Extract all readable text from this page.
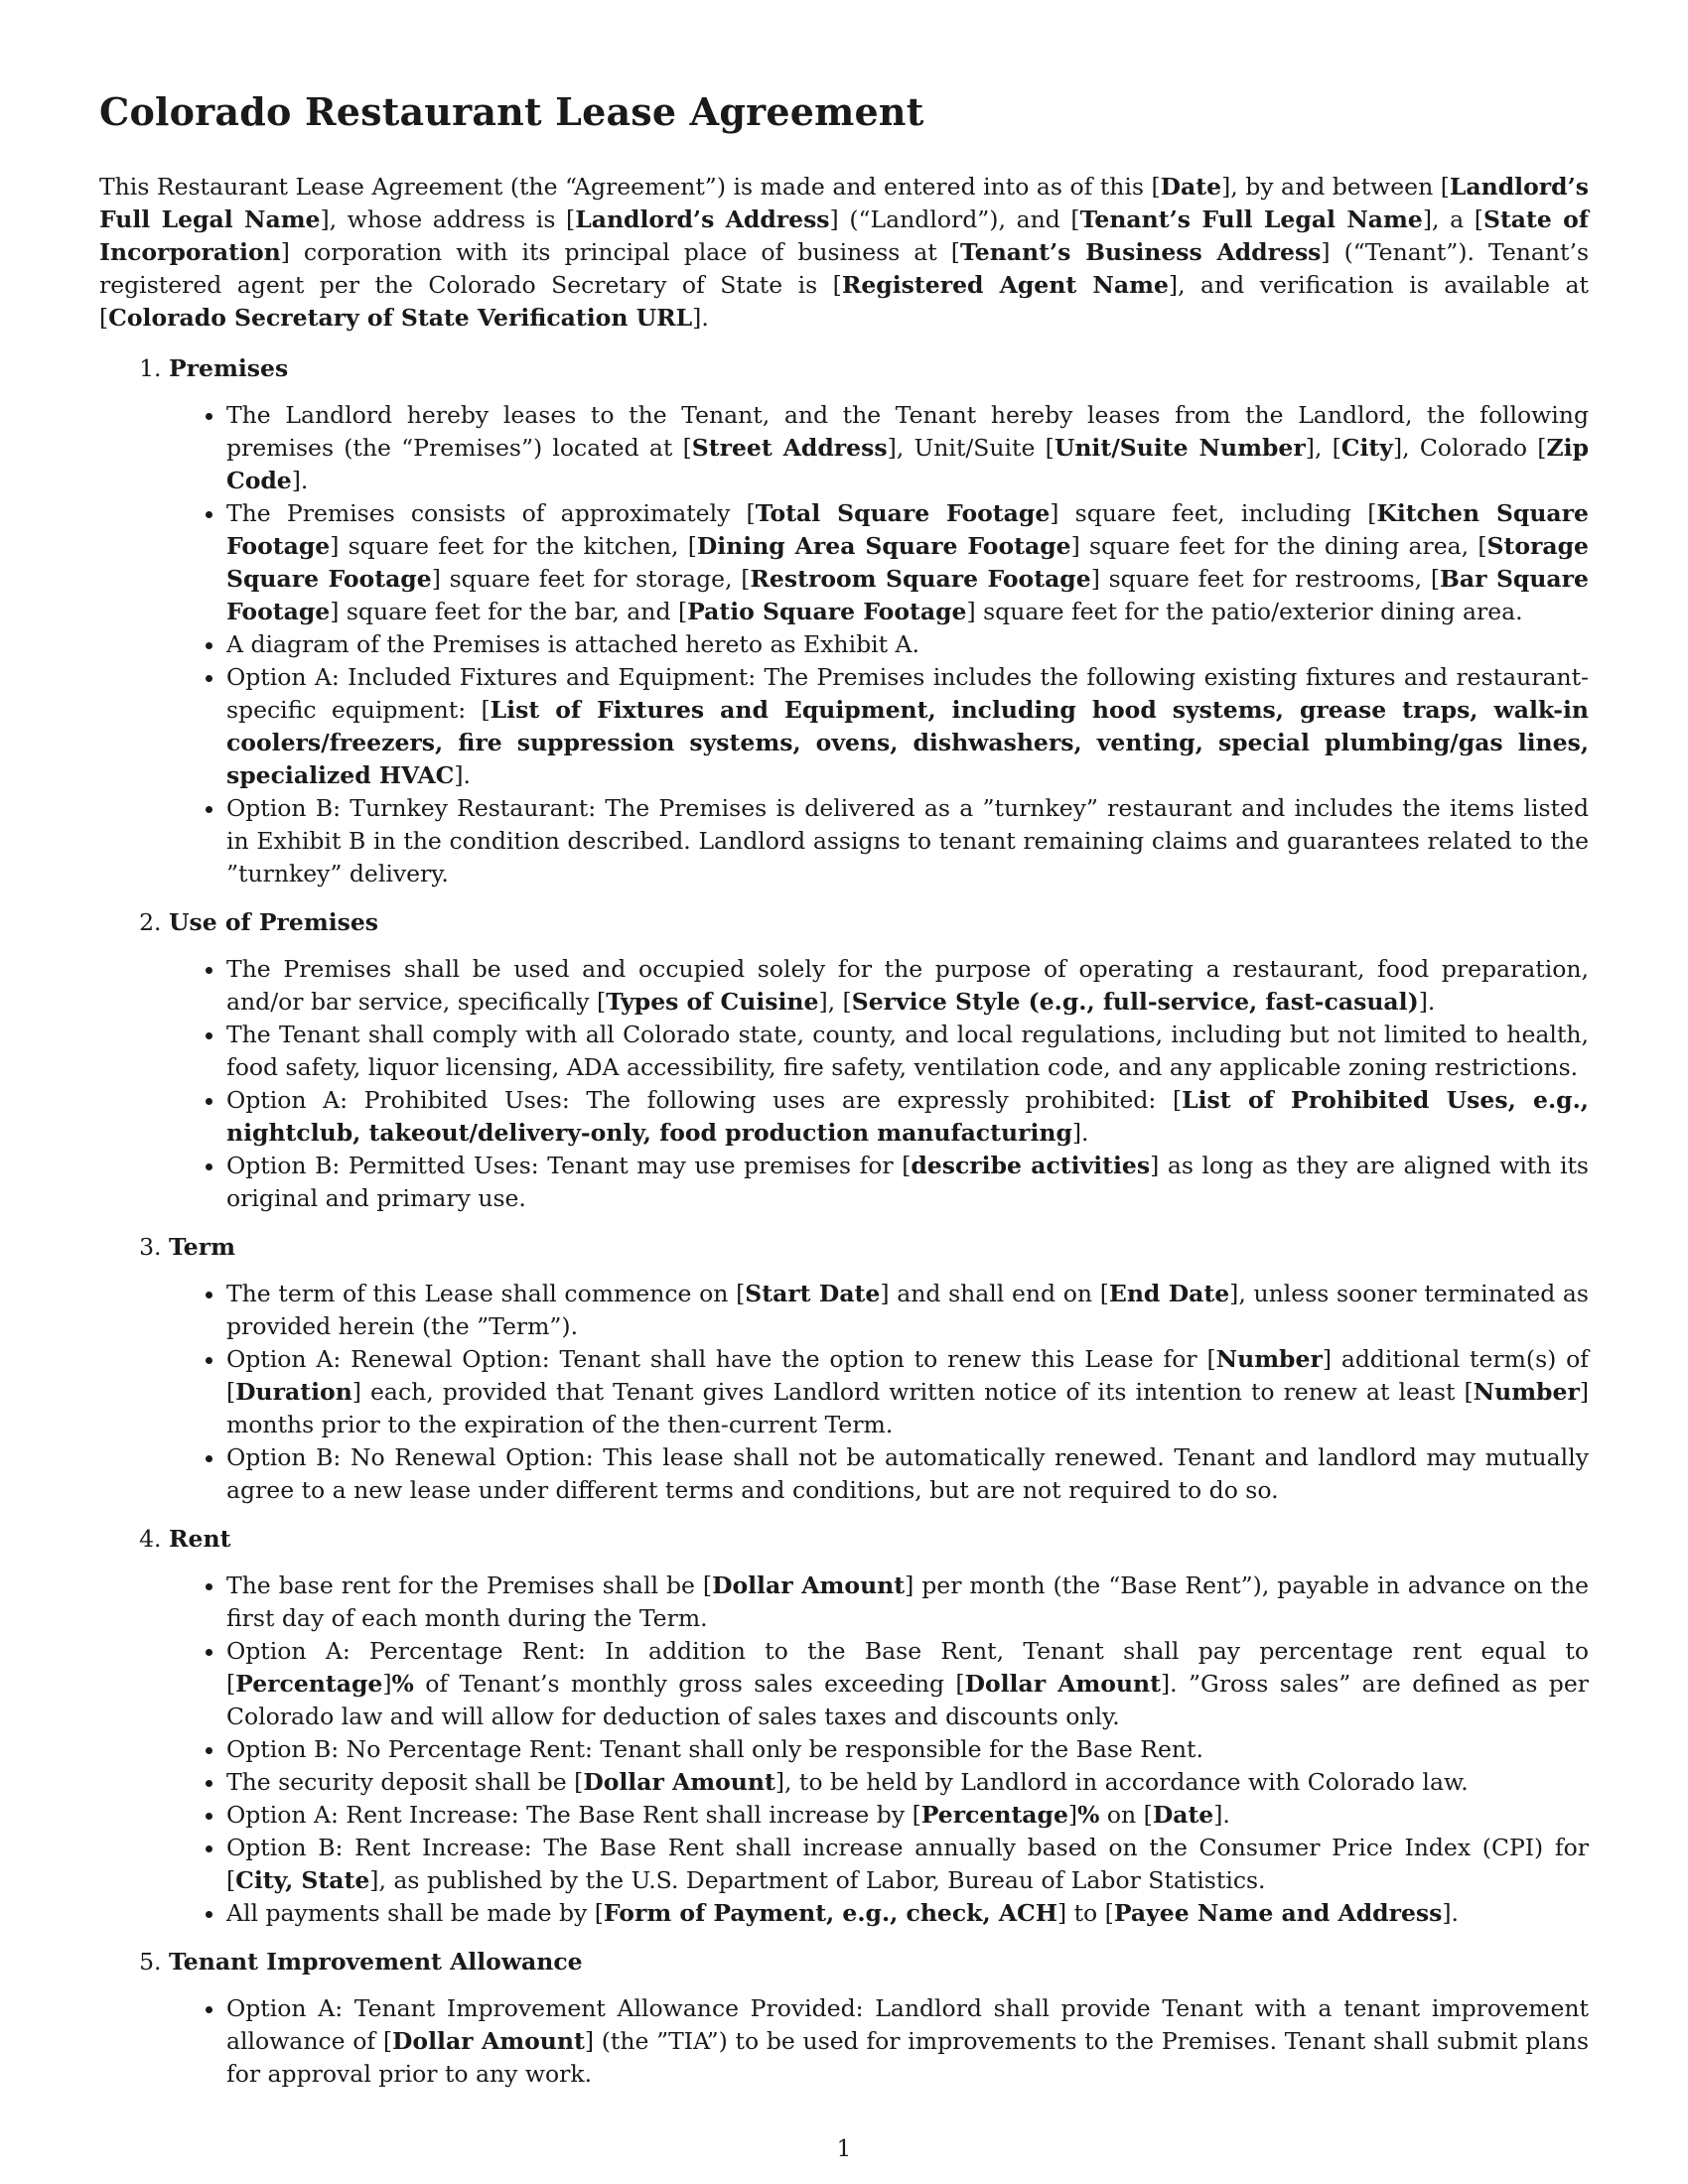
Colorado Restaurant Lease Agreement

This Restaurant Lease Agreement (the “Agreement”) is made and entered into as of this [Date], by and between [Landlord’s Full Legal Name], whose address is [Landlord’s Address] (“Landlord”), and [Tenant’s Full Legal Name], a [State of Incorporation] corporation with its principal place of business at [Tenant’s Business Address] (“Tenant”). Tenant’s registered agent per the Colorado Secretary of State is [Registered Agent Name], and verification is available at [Colorado Secretary of State Verification URL].

1. Premises
• The Landlord hereby leases to the Tenant, and the Tenant hereby leases from the Landlord, the following premises (the “Premises”) located at [Street Address], Unit/Suite [Unit/Suite Number], [City], Colorado [Zip Code].
• The Premises consists of approximately [Total Square Footage] square feet, including [Kitchen Square Footage] square feet for the kitchen, [Dining Area Square Footage] square feet for the dining area, [Storage Square Footage] square feet for storage, [Restroom Square Footage] square feet for restrooms, [Bar Square Footage] square feet for the bar, and [Patio Square Footage] square feet for the patio/exterior dining area.
• A diagram of the Premises is attached hereto as Exhibit A.
• Option A: Included Fixtures and Equipment: The Premises includes the following existing fixtures and restaurant-specific equipment: [List of Fixtures and Equipment, including hood systems, grease traps, walk-in coolers/freezers, fire suppression systems, ovens, dishwashers, venting, special plumbing/gas lines, specialized HVAC].
• Option B: Turnkey Restaurant: The Premises is delivered as a ”turnkey” restaurant and includes the items listed in Exhibit B in the condition described. Landlord assigns to tenant remaining claims and guarantees related to the ”turnkey” delivery.
2. Use of Premises
• The Premises shall be used and occupied solely for the purpose of operating a restaurant, food preparation, and/or bar service, specifically [Types of Cuisine], [Service Style (e.g., full-service, fast-casual)].
• The Tenant shall comply with all Colorado state, county, and local regulations, including but not limited to health, food safety, liquor licensing, ADA accessibility, fire safety, ventilation code, and any applicable zoning restrictions.
• Option A: Prohibited Uses: The following uses are expressly prohibited: [List of Prohibited Uses, e.g., nightclub, takeout/delivery-only, food production manufacturing].
• Option B: Permitted Uses: Tenant may use premises for [describe activities] as long as they are aligned with its original and primary use.
3. Term
• The term of this Lease shall commence on [Start Date] and shall end on [End Date], unless sooner terminated as provided herein (the ”Term”).
• Option A: Renewal Option: Tenant shall have the option to renew this Lease for [Number] additional term(s) of [Duration] each, provided that Tenant gives Landlord written notice of its intention to renew at least [Number] months prior to the expiration of the then-current Term.
• Option B: No Renewal Option: This lease shall not be automatically renewed. Tenant and landlord may mutually agree to a new lease under different terms and conditions, but are not required to do so.
4. Rent
• The base rent for the Premises shall be [Dollar Amount] per month (the “Base Rent”), payable in advance on the first day of each month during the Term.
• Option A: Percentage Rent: In addition to the Base Rent, Tenant shall pay percentage rent equal to [Percentage]% of Tenant’s monthly gross sales exceeding [Dollar Amount]. ”Gross sales” are defined as per Colorado law and will allow for deduction of sales taxes and discounts only.
• Option B: No Percentage Rent: Tenant shall only be responsible for the Base Rent.
• The security deposit shall be [Dollar Amount], to be held by Landlord in accordance with Colorado law.
• Option A: Rent Increase: The Base Rent shall increase by [Percentage]% on [Date].
• Option B: Rent Increase: The Base Rent shall increase annually based on the Consumer Price Index (CPI) for [City, State], as published by the U.S. Department of Labor, Bureau of Labor Statistics.
• All payments shall be made by [Form of Payment, e.g., check, ACH] to [Payee Name and Address].
5. Tenant Improvement Allowance
• Option A: Tenant Improvement Allowance Provided: Landlord shall provide Tenant with a tenant improvement allowance of [Dollar Amount] (the ”TIA”) to be used for improvements to the Premises. Tenant shall submit plans for approval prior to any work.
1
